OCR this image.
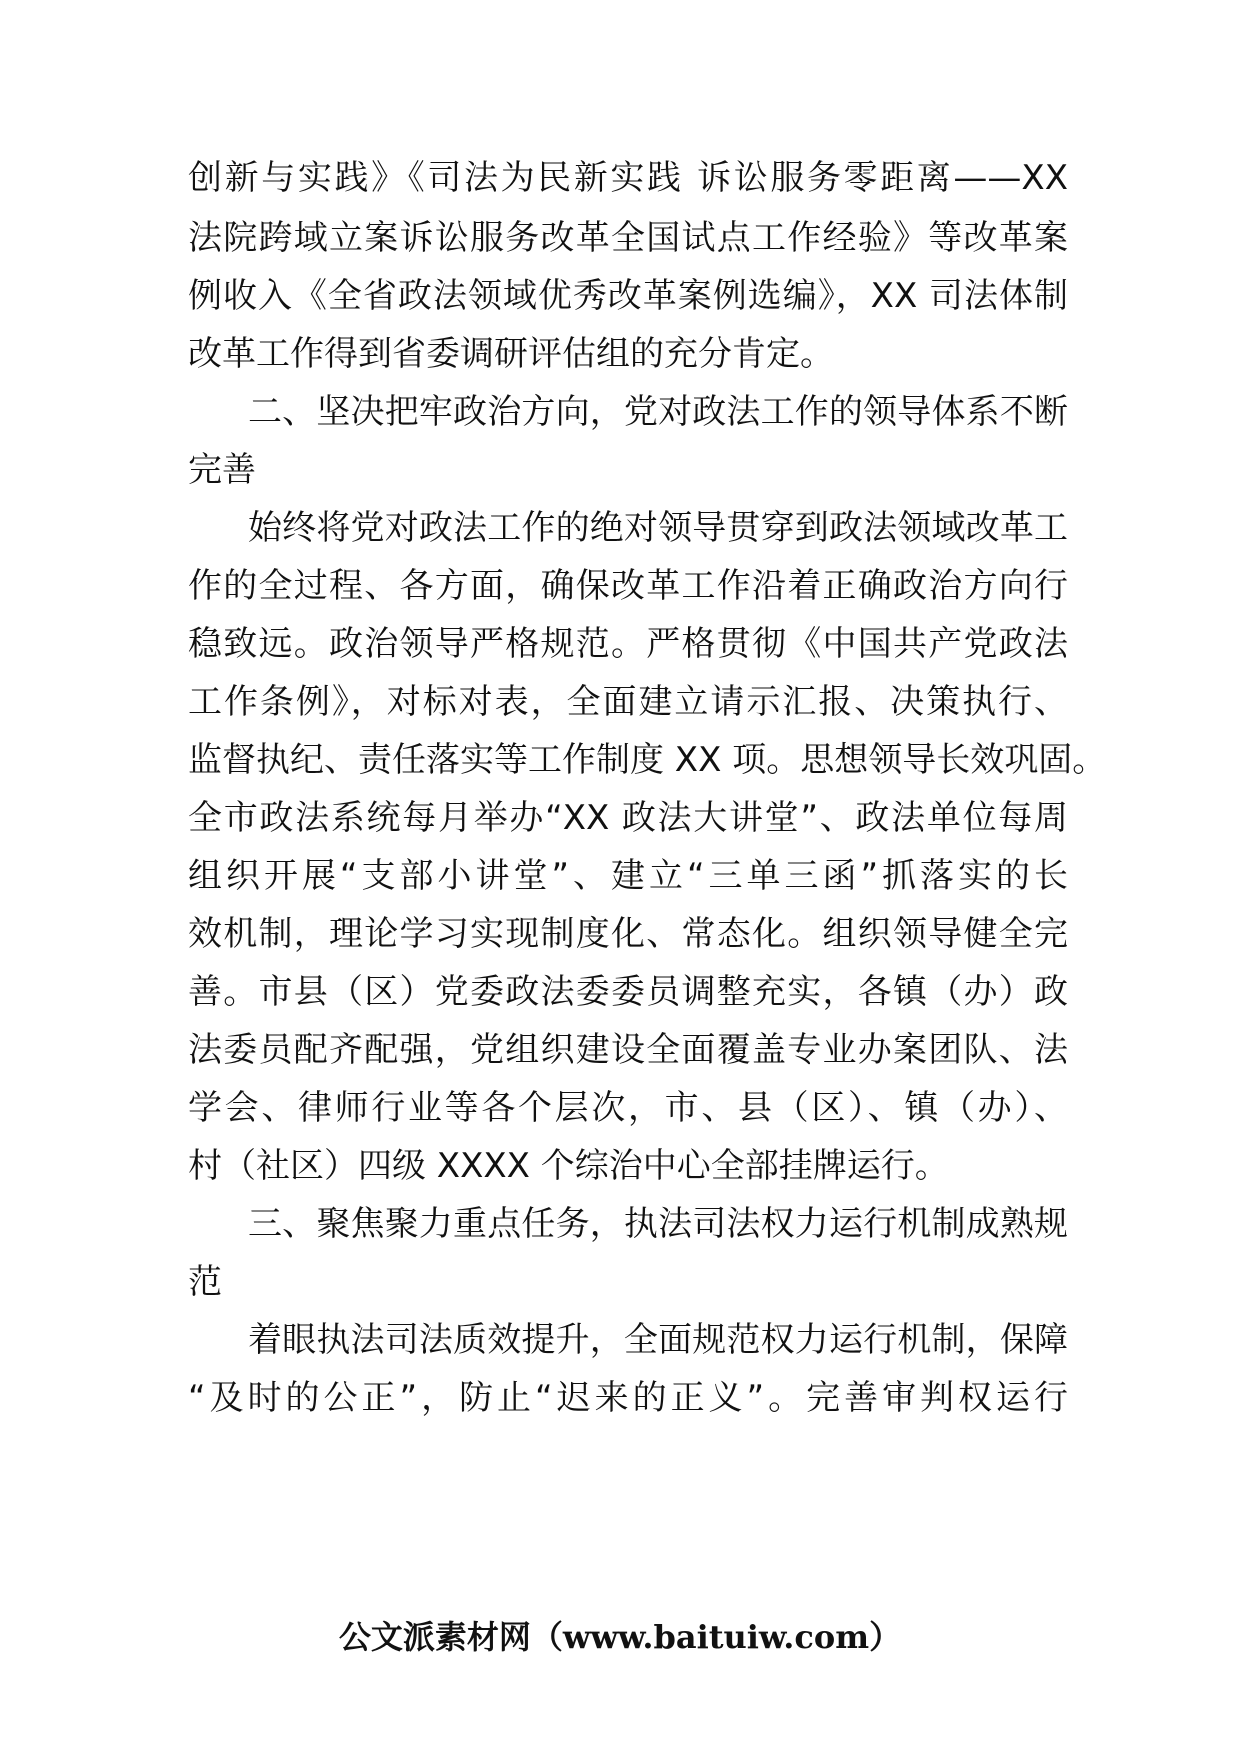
创新与实践》《司法为民新实践 诉讼服务零距离——XX
法院跨域立案诉讼服务改革全国试点工作经验》等改革案
例收入《全省政法领域优秀改革案例选编》，XX 司法体制
改革工作得到省委调研评估组的充分肯定。
二、坚决把牢政治方向，党对政法工作的领导体系不断
完善
始终将党对政法工作的绝对领导贯穿到政法领域改革工
作的全过程、各方面，确保改革工作沿着正确政治方向行
稳致远。政治领导严格规范。严格贯彻《中国共产党政法
工作条例》，对标对表，全面建立请示汇报、决策执行、
监督执纪、责任落实等工作制度 XX 项。思想领导长效巩固。
全市政法系统每月举办“XX 政法大讲堂”、政法单位每周
组织开展“支部小讲堂”、建立“三单三函”抓落实的长
效机制，理论学习实现制度化、常态化。组织领导健全完
善。市县（区）党委政法委委员调整充实，各镇（办）政
法委员配齐配强，党组织建设全面覆盖专业办案团队、法
学会、律师行业等各个层次，市、县（区）、镇（办）、
村（社区）四级 XXXX 个综治中心全部挂牌运行。
三、聚焦聚力重点任务，执法司法权力运行机制成熟规
范
着眼执法司法质效提升，全面规范权力运行机制，保障
“及时的公正”，防止“迟来的正义”。完善审判权运行
公文派素材网（www.baituiw.com）
